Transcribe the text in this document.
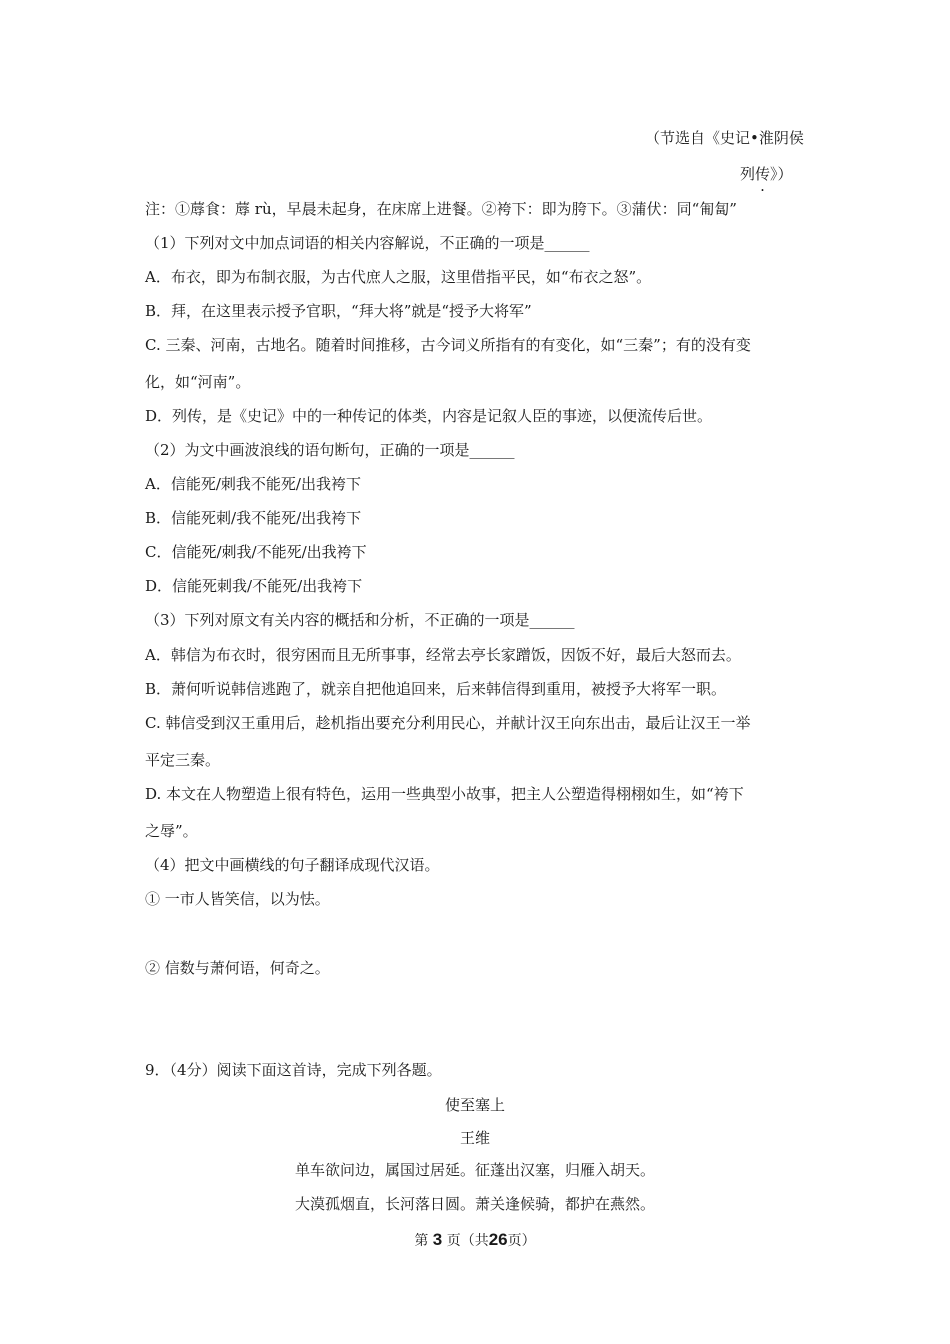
（节选自《史记•淮阴侯
列传》）
注：①蓐食：蓐 rù，早晨未起身，在床席上进餐。②袴下：即为胯下。③蒲伏：同“匍匐”
（1）下列对文中加点词语的相关内容解说，不正确的一项是______
A．布衣，即为布制衣服，为古代庶人之服，这里借指平民，如“布衣之怒”。
B．拜，在这里表示授予官职，“拜大将”就是“授予大将军”
C. 三秦、河南，古地名。随着时间推移，古今词义所指有的有变化，如“三秦”；有的没有变
化，如“河南”。
D．列传，是《史记》中的一种传记的体类，内容是记叙人臣的事迹，以便流传后世。
（2）为文中画波浪线的语句断句，正确的一项是______
A．信能死/刺我不能死/出我袴下
B．信能死刺/我不能死/出我袴下
C．信能死/刺我/不能死/出我袴下
D．信能死刺我/不能死/出我袴下
（3）下列对原文有关内容的概括和分析，不正确的一项是______
A．韩信为布衣时，很穷困而且无所事事，经常去亭长家蹭饭，因饭不好，最后大怒而去。
B．萧何听说韩信逃跑了，就亲自把他追回来，后来韩信得到重用，被授予大将军一职。
C. 韩信受到汉王重用后，趁机指出要充分利用民心，并献计汉王向东出击，最后让汉王一举
平定三秦。
D. 本文在人物塑造上很有特色，运用一些典型小故事，把主人公塑造得栩栩如生，如“袴下
之辱”。
（4）把文中画横线的句子翻译成现代汉语。
① 一市人皆笑信，以为怯。
② 信数与萧何语，何奇之。
9．（4分）阅读下面这首诗，完成下列各题。
使至塞上
王维
单车欲问边，属国过居延。征蓬出汉塞，归雁入胡天。
大漠孤烟直，长河落日圆。萧关逢候骑，都护在燕然。
第 3 页（共26页）
